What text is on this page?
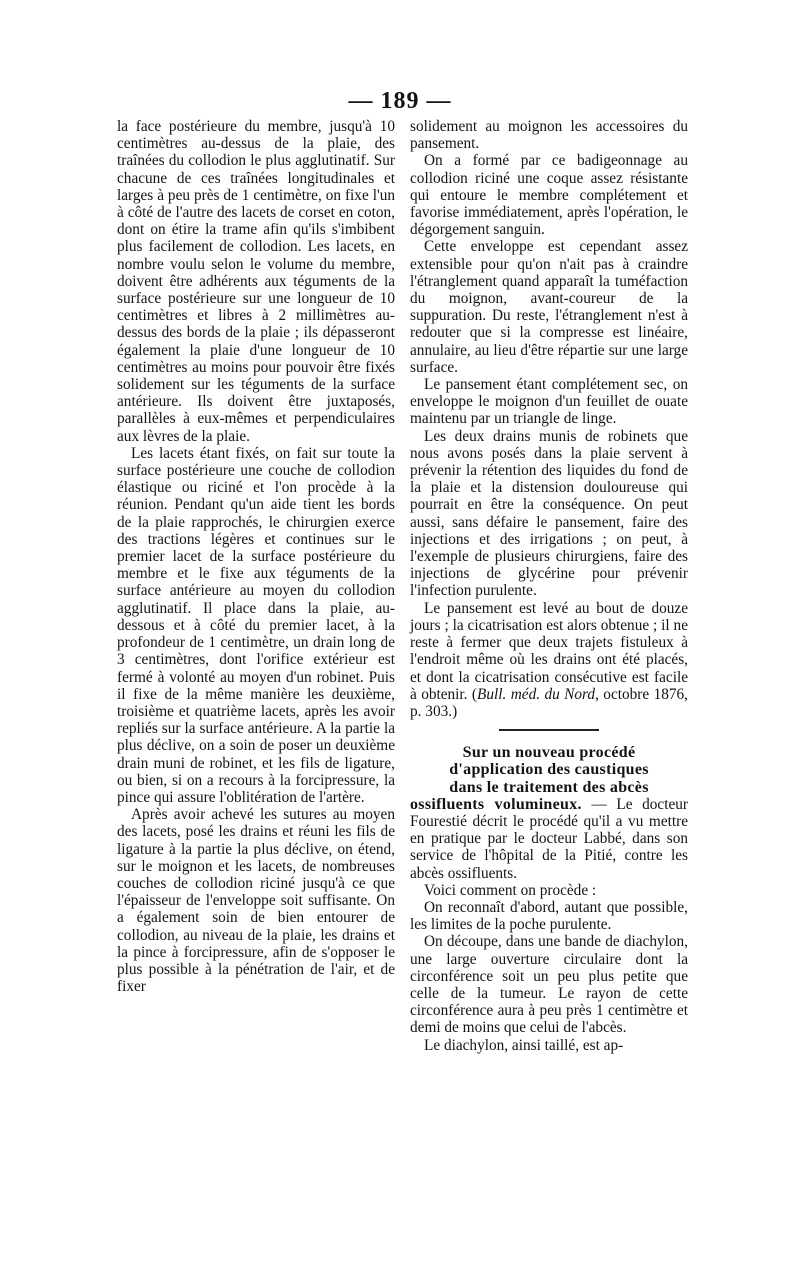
— 189 —

la face postérieure du membre, jusqu'à 10 centimètres au-dessus de la plaie, des traînées du collodion le plus agglutinatif. Sur chacune de ces traînées longitudinales et larges à peu près de 1 centimètre, on fixe l'un à côté de l'autre des lacets de corset en coton, dont on étire la trame afin qu'ils s'imbibent plus facilement de collodion. Les lacets, en nombre voulu selon le volume du membre, doivent être adhérents aux téguments de la surface postérieure sur une longueur de 10 centimètres et libres à 2 millimètres au-dessus des bords de la plaie ; ils dépasseront également la plaie d'une longueur de 10 centimètres au moins pour pouvoir être fixés solidement sur les téguments de la surface antérieure. Ils doivent être juxtaposés, parallèles à eux-mêmes et perpendiculaires aux lèvres de la plaie.

Les lacets étant fixés, on fait sur toute la surface postérieure une couche de collodion élastique ou riciné et l'on procède à la réunion. Pendant qu'un aide tient les bords de la plaie rapprochés, le chirurgien exerce des tractions légères et continues sur le premier lacet de la surface postérieure du membre et le fixe aux téguments de la surface antérieure au moyen du collodion agglutinatif. Il place dans la plaie, au-dessous et à côté du premier lacet, à la profondeur de 1 centimètre, un drain long de 3 centimètres, dont l'orifice extérieur est fermé à volonté au moyen d'un robinet. Puis il fixe de la même manière les deuxième, troisième et quatrième lacets, après les avoir repliés sur la surface antérieure. A la partie la plus déclive, on a soin de poser un deuxième drain muni de robinet, et les fils de ligature, ou bien, si on a recours à la forcipressure, la pince qui assure l'oblitération de l'artère.

Après avoir achevé les sutures au moyen des lacets, posé les drains et réuni les fils de ligature à la partie la plus déclive, on étend, sur le moignon et les lacets, de nombreuses couches de collodion riciné jusqu'à ce que l'épaisseur de l'enveloppe soit suffisante. On a également soin de bien entourer de collodion, au niveau de la plaie, les drains et la pince à forcipressure, afin de s'opposer le plus possible à la pénétration de l'air, et de fixer

solidement au moignon les accessoires du pansement.

On a formé par ce badigeonnage au collodion riciné une coque assez résistante qui entoure le membre complétement et favorise immédiatement, après l'opération, le dégorgement sanguin.

Cette enveloppe est cependant assez extensible pour qu'on n'ait pas à craindre l'étranglement quand apparaît la tuméfaction du moignon, avant-coureur de la suppuration. Du reste, l'étranglement n'est à redouter que si la compresse est linéaire, annulaire, au lieu d'être répartie sur une large surface.

Le pansement étant complétement sec, on enveloppe le moignon d'un feuillet de ouate maintenu par un triangle de linge.

Les deux drains munis de robinets que nous avons posés dans la plaie servent à prévenir la rétention des liquides du fond de la plaie et la distension douloureuse qui pourrait en être la conséquence. On peut aussi, sans défaire le pansement, faire des injections et des irrigations ; on peut, à l'exemple de plusieurs chirurgiens, faire des injections de glycérine pour prévenir l'infection purulente.

Le pansement est levé au bout de douze jours ; la cicatrisation est alors obtenue ; il ne reste à fermer que deux trajets fistuleux à l'endroit même où les drains ont été placés, et dont la cicatrisation consécutive est facile à obtenir. (Bull. méd. du Nord, octobre 1876, p. 303.)

Sur un nouveau procédé
d'application des caustiques
dans le traitement des abcès
ossifluents volumineux. — Le docteur Fourestié décrit le procédé qu'il a vu mettre en pratique par le docteur Labbé, dans son service de l'hôpital de la Pitié, contre les abcès ossifluents.

Voici comment on procède :

On reconnaît d'abord, autant que possible, les limites de la poche purulente.

On découpe, dans une bande de diachylon, une large ouverture circulaire dont la circonférence soit un peu plus petite que celle de la tumeur. Le rayon de cette circonférence aura à peu près 1 centimètre et demi de moins que celui de l'abcès.

Le diachylon, ainsi taillé, est ap-
